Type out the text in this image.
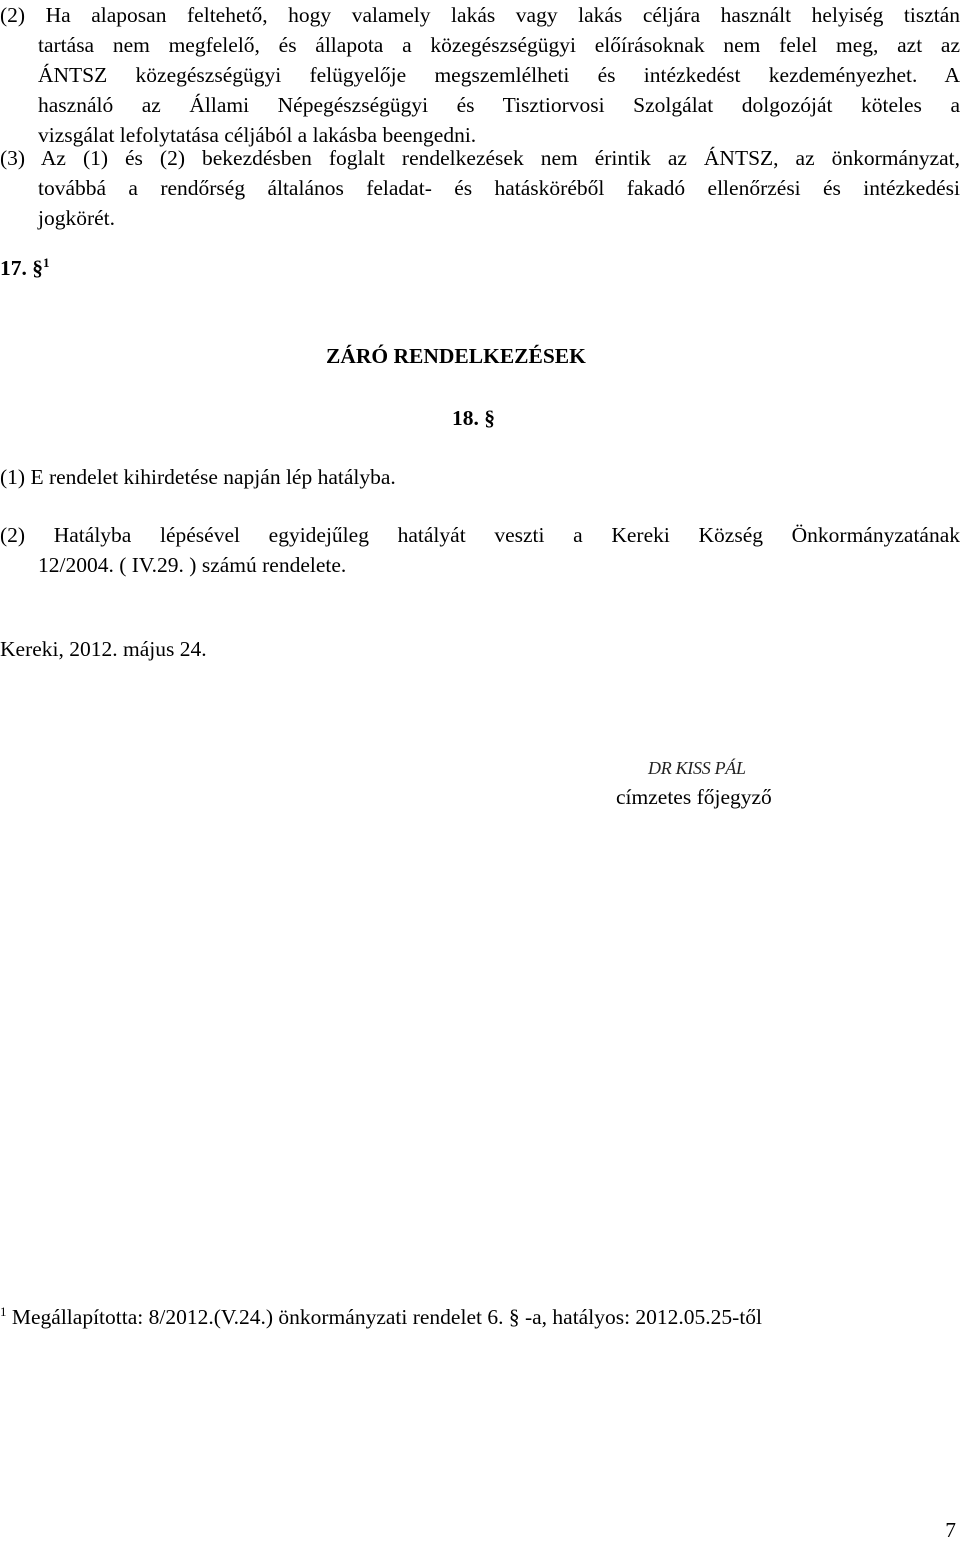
(2) Ha alaposan feltehető, hogy valamely lakás vagy lakás céljára használt helyiség tisztán
tartása nem megfelelő, és állapota a közegészségügyi előírásoknak nem felel meg, azt az
ÁNTSZ közegészségügyi felügyelője megszemlélheti és intézkedést kezdeményezhet. A
használó az Állami Népegészségügyi és Tisztiorvosi Szolgálat dolgozóját köteles a
vizsgálat lefolytatása céljából a lakásba beengedni.
(3) Az (1) és (2) bekezdésben foglalt rendelkezések nem érintik az ÁNTSZ, az önkormányzat,
továbbá a rendőrség általános feladat- és hatásköréből fakadó ellenőrzési és intézkedési
jogkörét.
17. §$^1$
ZÁRÓ RENDELKEZÉSEK
18. §
(1) E rendelet kihirdetése napján lép hatályba.
(2) Hatályba lépésével egyidejűleg hatályát veszti a Kereki Község Önkormányzatának
12/2004. ( IV.29. ) számú rendelete.
Kereki, 2012. május 24.
DR KISS PÁL
címzetes főjegyző
$^1$ Megállapította: 8/2012.(V.24.) önkormányzati rendelet 6. § -a, hatályos: 2012.05.25-től
7
